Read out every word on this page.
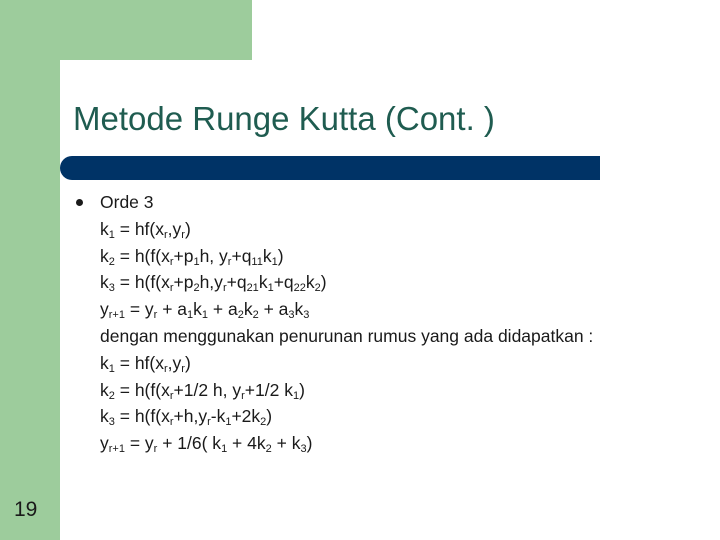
Metode Runge Kutta (Cont. )
Orde 3
$k_1 = hf(x_r,y_r)$
$k_2 = h(f(x_r+p_1h$, $y_r+q_{11}k_1$)
$k_3 = h(f(x_r+p_2h,y_r+q_{21}k_1+q_{22}k_2)$
$y_{r+1} = y_r + a_1k_1 + a_2k_2 + a_3k_3$
dengan menggunakan penurunan rumus yang ada didapatkan :
$k_1 = hf(x_r,y_r)$
$k_2 = h(f(x_r+1/2$ h, $y_r+1/2$ $k_1$)
$k_3 = h(f(x_r+h,y_r-k_1+2k_2)$
$y_{r+1} = y_r + 1/6$( $k_1 + 4k_2 + k_3$)
19
